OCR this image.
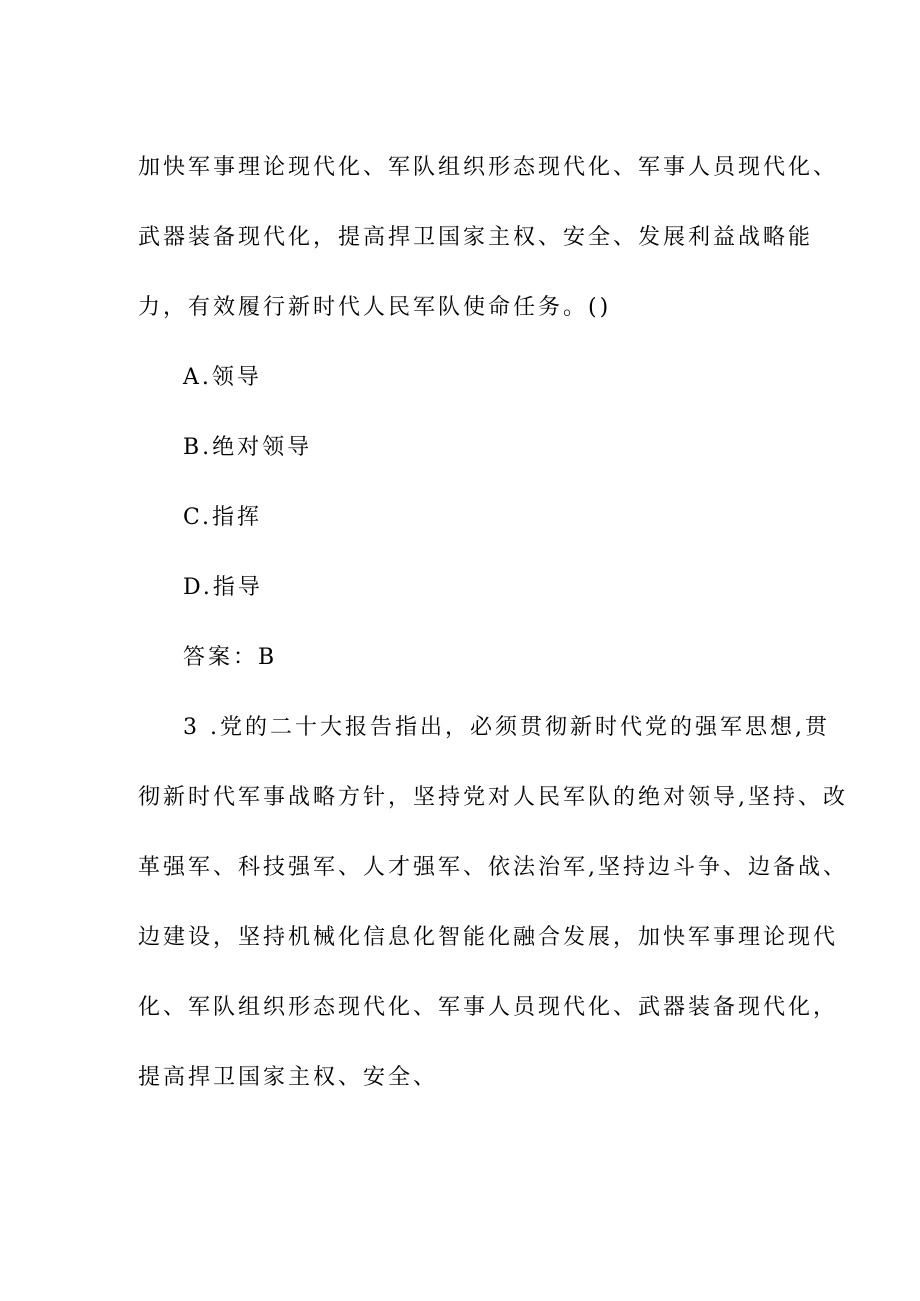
加快军事理论现代化、军队组织形态现代化、军事人员现代化、
武器装备现代化，提高捍卫国家主权、安全、发展利益战略能
力，有效履行新时代人民军队使命任务。()
A.领导
B.绝对领导
C.指挥
D.指导
答案：B
3 .党的二十大报告指出，必须贯彻新时代党的强军思想,贯
彻新时代军事战略方针，坚持党对人民军队的绝对领导,坚持、改
革强军、科技强军、人才强军、依法治军,坚持边斗争、边备战、
边建设，坚持机械化信息化智能化融合发展，加快军事理论现代
化、军队组织形态现代化、军事人员现代化、武器装备现代化，
提高捍卫国家主权、安全、
